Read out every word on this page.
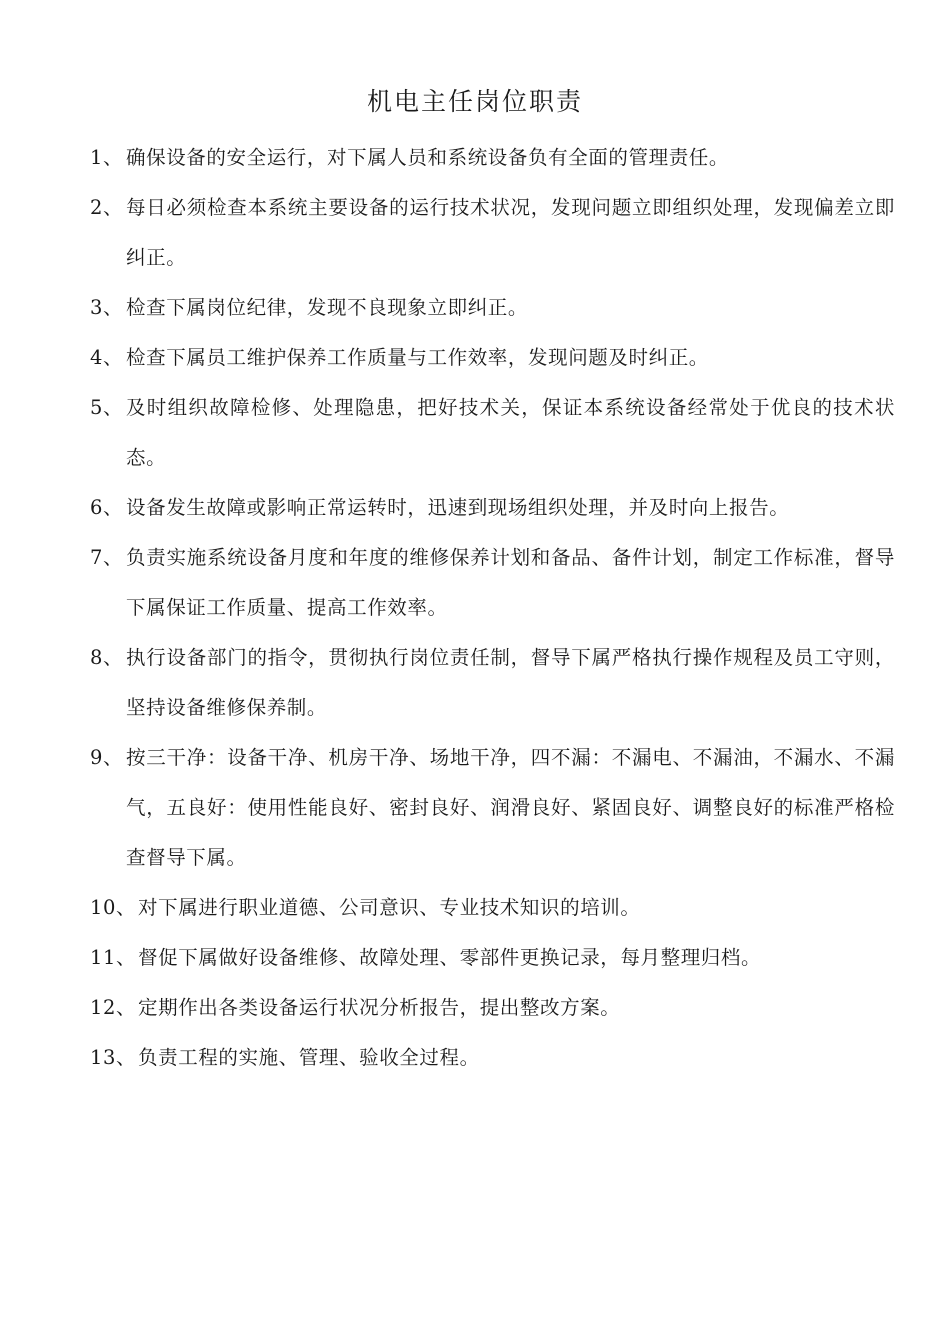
机电主任岗位职责
1、 确保设备的安全运行，对下属人员和系统设备负有全面的管理责任。
2、 每日必须检查本系统主要设备的运行技术状况，发现问题立即组织处理，发现偏差立即纠正。
3、 检查下属岗位纪律，发现不良现象立即纠正。
4、 检查下属员工维护保养工作质量与工作效率，发现问题及时纠正。
5、 及时组织故障检修、处理隐患，把好技术关，保证本系统设备经常处于优良的技术状态。
6、 设备发生故障或影响正常运转时，迅速到现场组织处理，并及时向上报告。
7、 负责实施系统设备月度和年度的维修保养计划和备品、备件计划，制定工作标准，督导下属保证工作质量、提高工作效率。
8、 执行设备部门的指令，贯彻执行岗位责任制，督导下属严格执行操作规程及员工守则，坚持设备维修保养制。
9、 按三干净：设备干净、机房干净、场地干净，四不漏：不漏电、不漏油，不漏水、不漏气，五良好：使用性能良好、密封良好、润滑良好、紧固良好、调整良好的标准严格检查督导下属。
10、 对下属进行职业道德、公司意识、专业技术知识的培训。
11、 督促下属做好设备维修、故障处理、零部件更换记录，每月整理归档。
12、 定期作出各类设备运行状况分析报告，提出整改方案。
13、 负责工程的实施、管理、验收全过程。
